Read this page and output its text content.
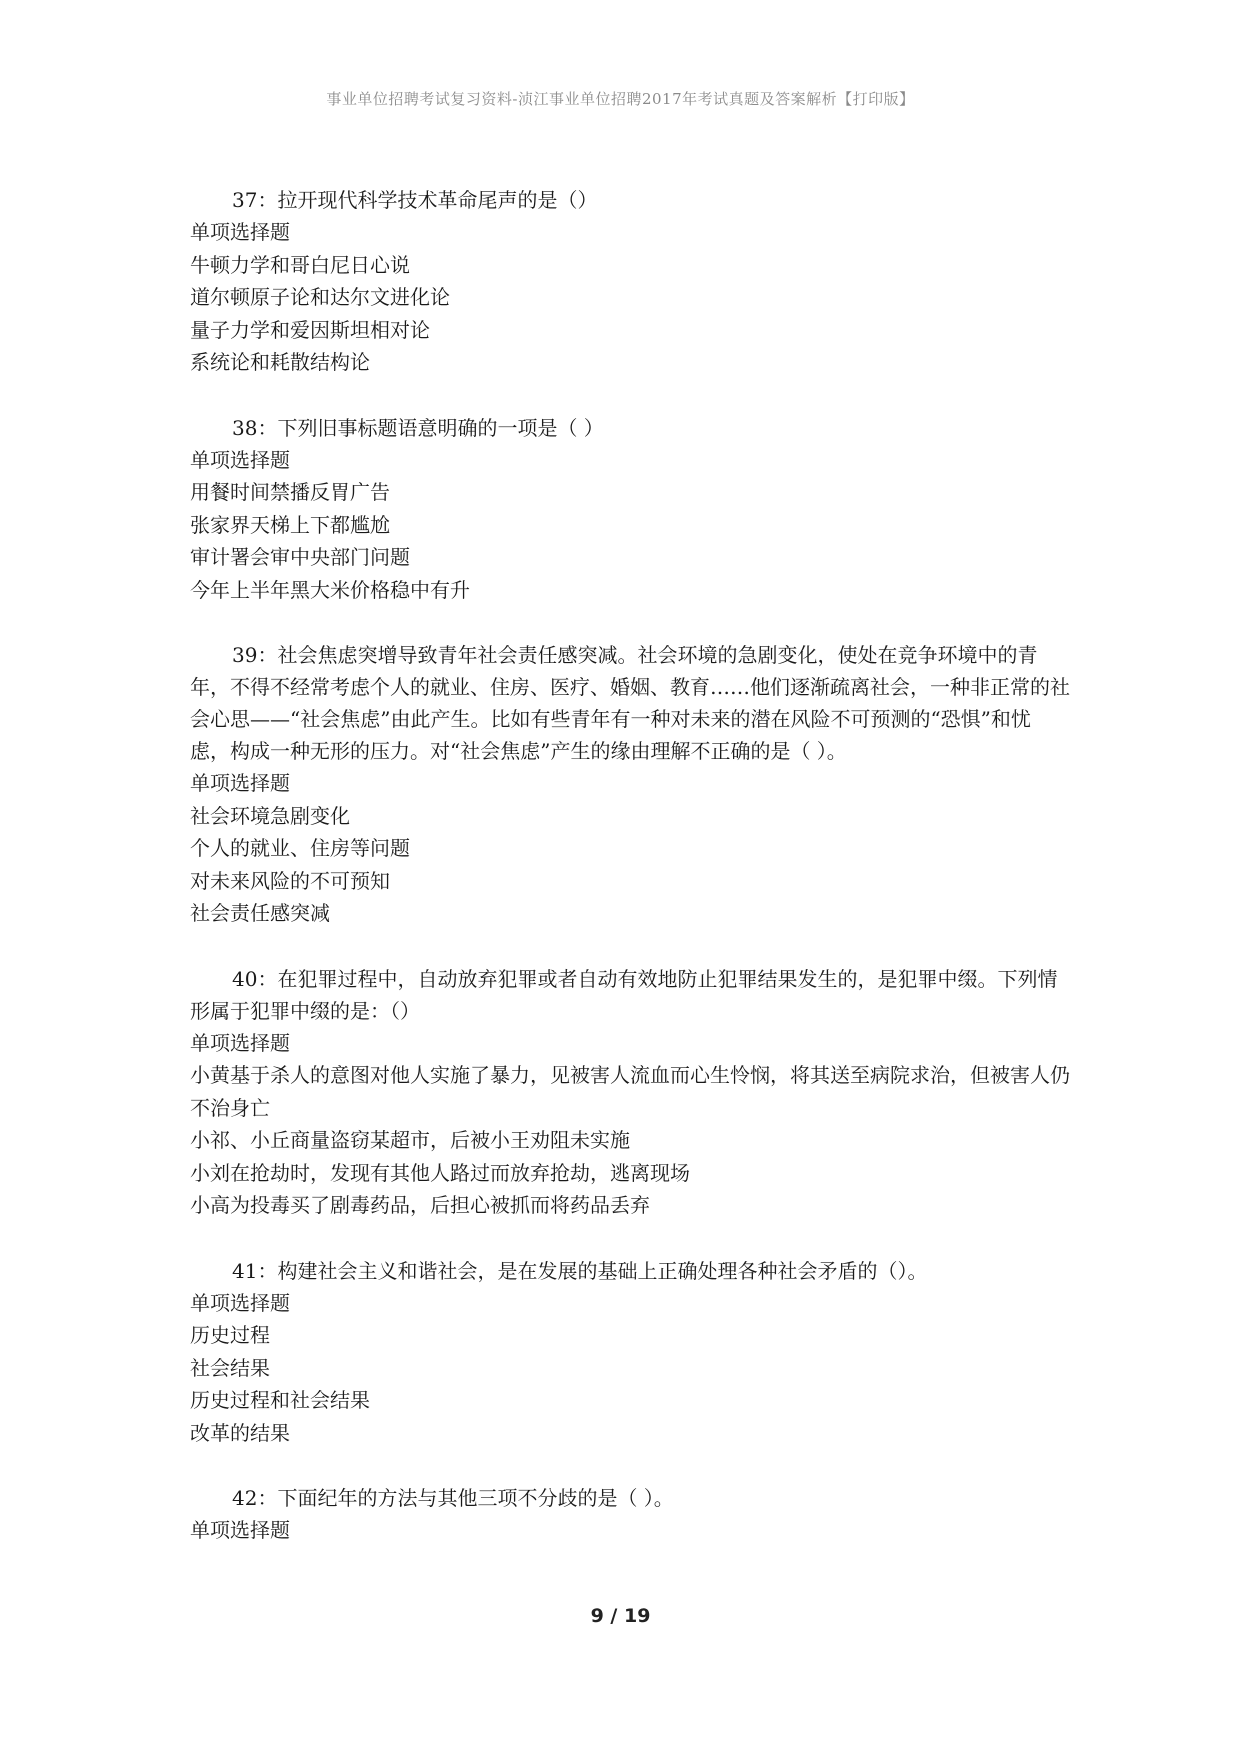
事业单位招聘考试复习资料-浈江事业单位招聘2017年考试真题及答案解析【打印版】

37：拉开现代科学技术革命尾声的是（）

单项选择题

牛顿力学和哥白尼日心说

道尔顿原子论和达尔文进化论

量子力学和爱因斯坦相对论

系统论和耗散结构论

38：下列旧事标题语意明确的一项是（ ）

单项选择题

用餐时间禁播反胃广告

张家界天梯上下都尴尬

审计署会审中央部门问题

今年上半年黑大米价格稳中有升

39：社会焦虑突增导致青年社会责任感突减。社会环境的急剧变化，使处在竞争环境中的青年，不得不经常考虑个人的就业、住房、医疗、婚姻、教育……他们逐渐疏离社会，一种非正常的社会心思——“社会焦虑”由此产生。比如有些青年有一种对未来的潜在风险不可预测的“恐惧”和忧虑，构成一种无形的压力。对“社会焦虑”产生的缘由理解不正确的是（ ）。

单项选择题

社会环境急剧变化

个人的就业、住房等问题

对未来风险的不可预知

社会责任感突减

40：在犯罪过程中，自动放弃犯罪或者自动有效地防止犯罪结果发生的，是犯罪中缀。下列情形属于犯罪中缀的是：（）

单项选择题

小黄基于杀人的意图对他人实施了暴力，见被害人流血而心生怜悯，将其送至病院求治，但被害人仍不治身亡

小祁、小丘商量盗窃某超市，后被小王劝阻未实施

小刘在抢劫时，发现有其他人路过而放弃抢劫，逃离现场

小高为投毒买了剧毒药品，后担心被抓而将药品丢弃

41：构建社会主义和谐社会，是在发展的基础上正确处理各种社会矛盾的（）。

单项选择题

历史过程

社会结果

历史过程和社会结果

改革的结果

42：下面纪年的方法与其他三项不分歧的是（ ）。

单项选择题

9 / 19
